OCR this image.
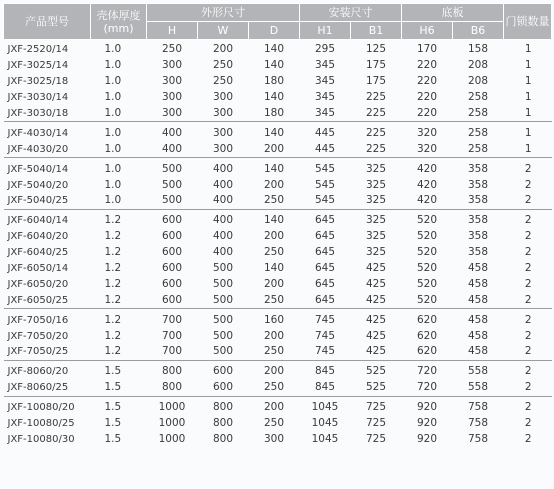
产品型号	壳体厚度
(mm)	外形尺寸			安装尺寸		底板		门锁数量
		H	W	D	H1	B1	H6	B6	

JXF-2520/14	1.0	250	200	140	295	125	170	158	1
JXF-3025/14	1.0	300	250	140	345	175	220	208	1
JXF-3025/18	1.0	300	250	180	345	175	220	208	1
JXF-3030/14	1.0	300	300	140	345	225	220	258	1
JXF-3030/18	1.0	300	300	180	345	225	220	258	1

JXF-4030/14	1.0	400	300	140	445	225	320	258	1
JXF-4030/20	1.0	400	300	200	445	225	320	258	1

JXF-5040/14	1.0	500	400	140	545	325	420	358	2
JXF-5040/20	1.0	500	400	200	545	325	420	358	2
JXF-5040/25	1.0	500	400	250	545	325	420	358	2

JXF-6040/14	1.2	600	400	140	645	325	520	358	2
JXF-6040/20	1.2	600	400	200	645	325	520	358	2
JXF-6040/25	1.2	600	400	250	645	325	520	358	2
JXF-6050/14	1.2	600	500	140	645	425	520	458	2
JXF-6050/20	1.2	600	500	200	645	425	520	458	2
JXF-6050/25	1.2	600	500	250	645	425	520	458	2

JXF-7050/16	1.2	700	500	160	745	425	620	458	2
JXF-7050/20	1.2	700	500	200	745	425	620	458	2
JXF-7050/25	1.2	700	500	250	745	425	620	458	2

JXF-8060/20	1.5	800	600	200	845	525	720	558	2
JXF-8060/25	1.5	800	600	250	845	525	720	558	2

JXF-10080/20	1.5	1000	800	200	1045	725	920	758	2
JXF-10080/25	1.5	1000	800	250	1045	725	920	758	2
JXF-10080/30	1.5	1000	800	300	1045	725	920	758	2
